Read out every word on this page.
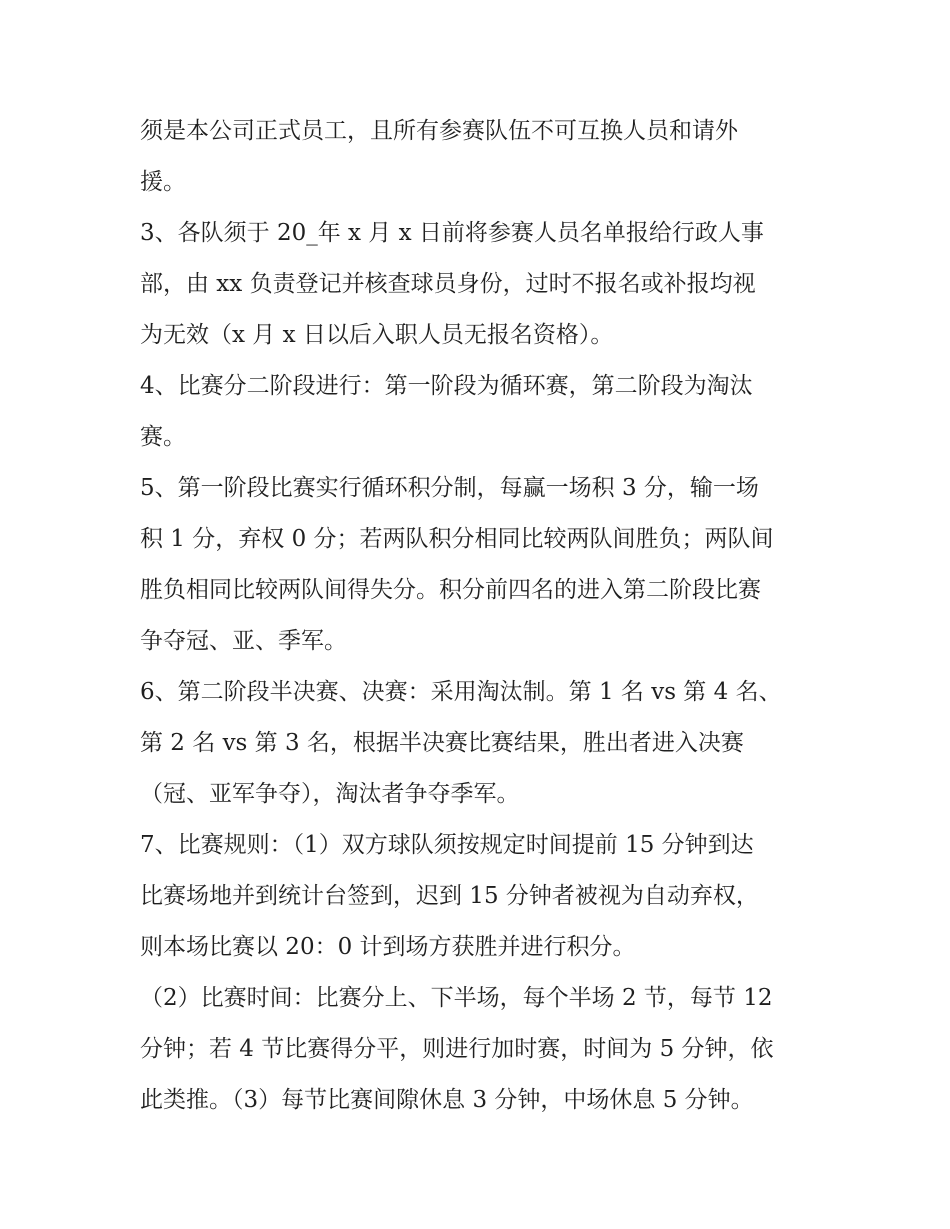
须是本公司正式员工，且所有参赛队伍不可互换人员和请外
援。
3、各队须于 20_年 x 月 x 日前将参赛人员名单报给行政人事
部，由 xx 负责登记并核查球员身份，过时不报名或补报均视
为无效（x 月 x 日以后入职人员无报名资格）。
4、比赛分二阶段进行：第一阶段为循环赛，第二阶段为淘汰
赛。
5、第一阶段比赛实行循环积分制，每赢一场积 3 分，输一场
积 1 分，弃权 0 分；若两队积分相同比较两队间胜负；两队间
胜负相同比较两队间得失分。积分前四名的进入第二阶段比赛
争夺冠、亚、季军。
6、第二阶段半决赛、决赛：采用淘汰制。第 1 名 vs 第 4 名、
第 2 名 vs 第 3 名，根据半决赛比赛结果，胜出者进入决赛
（冠、亚军争夺），淘汰者争夺季军。
7、比赛规则：（1）双方球队须按规定时间提前 15 分钟到达
比赛场地并到统计台签到，迟到 15 分钟者被视为自动弃权，
则本场比赛以 20：0 计到场方获胜并进行积分。
（2）比赛时间：比赛分上、下半场，每个半场 2 节，每节 12
分钟；若 4 节比赛得分平，则进行加时赛，时间为 5 分钟，依
此类推。（3）每节比赛间隙休息 3 分钟，中场休息 5 分钟。
